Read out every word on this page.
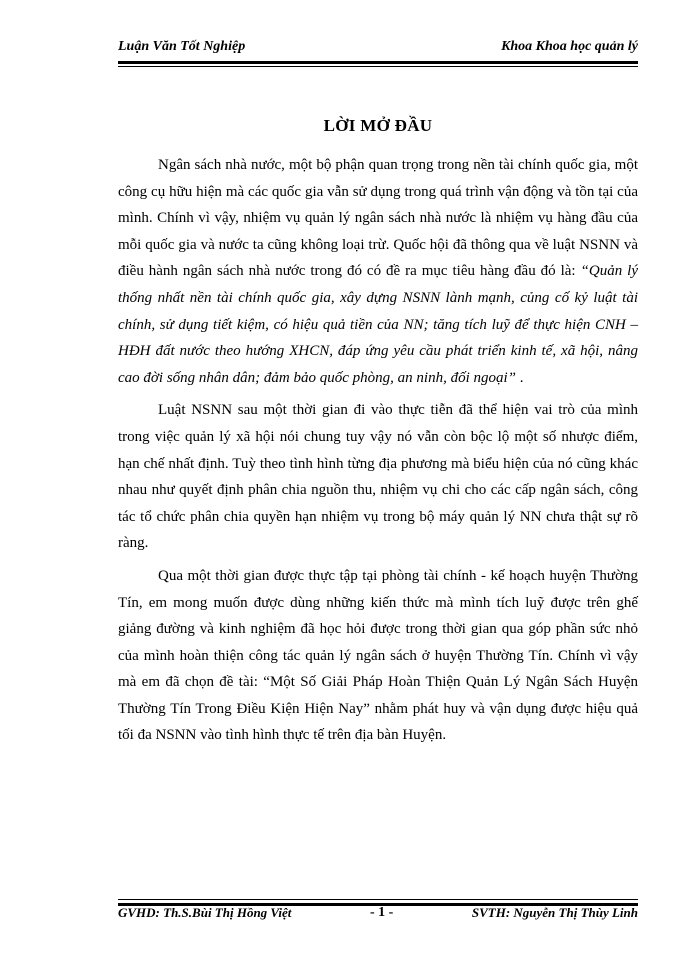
Luận Văn Tốt Nghiệp	Khoa Khoa học quản lý
LỜI MỞ ĐẦU

Ngân sách nhà nước, một bộ phận quan trọng trong nền tài chính quốc gia, một công cụ hữu hiện mà các quốc gia vẫn sử dụng trong quá trình vận động và tồn tại của mình. Chính vì vậy, nhiệm vụ quản lý ngân sách nhà nước là nhiệm vụ hàng đầu của mỗi quốc gia và nước ta cũng không loại trừ. Quốc hội đã thông qua về luật NSNN và điều hành ngân sách nhà nước trong đó có đề ra mục tiêu hàng đầu đó là: “Quản lý thống nhất nền tài chính quốc gia, xây dựng NSNN lành mạnh, củng cố kỷ luật tài chính, sử dụng tiết kiệm, có hiệu quả tiền của NN; tăng tích luỹ để thực hiện CNH – HĐH đất nước theo hướng XHCN, đáp ứng yêu cầu phát triển kinh tế, xã hội, nâng cao đời sống nhân dân; đảm bảo quốc phòng, an ninh, đối ngoại” .

Luật NSNN sau một thời gian đi vào thực tiễn đã thể hiện vai trò của mình trong việc quản lý xã hội nói chung tuy vậy nó vẫn còn bộc lộ một số nhược điểm, hạn chế nhất định. Tuỳ theo tình hình từng địa phương mà biểu hiện của nó cũng khác nhau như quyết định phân chia nguồn thu, nhiệm vụ chi cho các cấp ngân sách, công tác tổ chức phân chia quyền hạn nhiệm vụ trong bộ máy quản lý NN chưa thật sự rõ ràng.

Qua một thời gian được thực tập tại phòng tài chính - kế hoạch huyện Thường Tín, em mong muốn được dùng những kiến thức mà mình tích luỹ được trên ghế giảng đường và kinh nghiệm đã học hỏi được trong thời gian qua góp phần sức nhỏ của mình hoàn thiện công tác quản lý ngân sách ở huyện Thường Tín. Chính vì vậy mà em đã chọn đề tài: “Một Số Giải Pháp Hoàn Thiện Quản Lý Ngân Sách Huyện Thường Tín Trong Điều Kiện Hiện Nay” nhằm phát huy và vận dụng được hiệu quả tối đa NSNN vào tình hình thực tế trên địa bàn Huyện.

GVHD: Th.S.Bùi Thị Hồng Việt	- 1 -	SVTH: Nguyễn Thị Thùy Linh
